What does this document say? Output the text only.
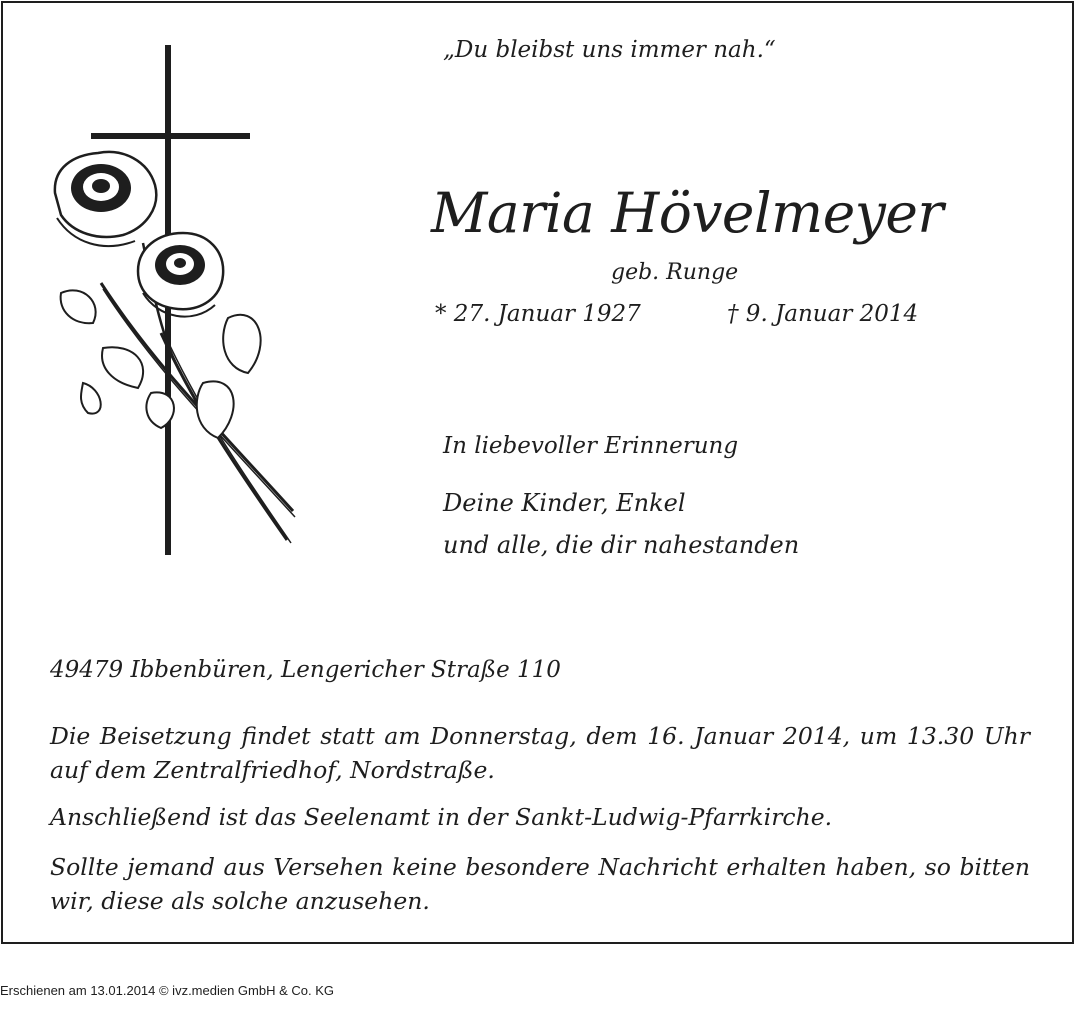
„Du bleibst uns immer nah.“

Maria Hövelmeyer

geb. Runge

* 27. Januar 1927	† 9. Januar 2014

In liebevoller Erinnerung

Deine Kinder, Enkel
und alle, die dir nahestanden

49479 Ibbenbüren, Lengericher Straße 110

Die Beisetzung findet statt am Donnerstag, dem 16. Januar 2014, um 13.30 Uhr auf dem Zentralfriedhof, Nordstraße.

Anschließend ist das Seelenamt in der Sankt-Ludwig-Pfarrkirche.

Sollte jemand aus Versehen keine besondere Nachricht erhalten haben, so bitten wir, diese als solche anzusehen.

Erschienen am 13.01.2014 © ivz.medien GmbH & Co. KG
